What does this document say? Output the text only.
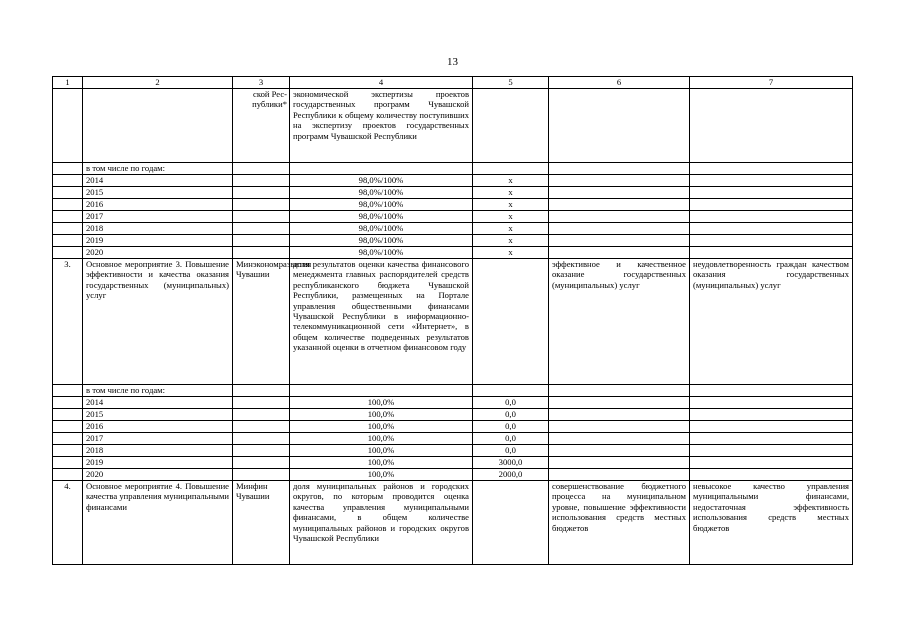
13
1	2	3	4	5	6	7
		ской Рес-публики*	экономической экспертизы проектов государственных программ Чувашской Республики к общему количеству поступивших на экспертизу проектов государственных программ Чувашской Республики			
	в том числе по годам:					
	2014		98,0%/100%	х		
	2015		98,0%/100%	х		
	2016		98,0%/100%	х		
	2017		98,0%/100%	х		
	2018		98,0%/100%	х		
	2019		98,0%/100%	х		
	2020		98,0%/100%	х		
3.	Основное мероприятие 3. Повышение эффективности и качества оказания государственных (муниципальных) услуг	Минэкономразвития Чувашии	доля результатов оценки качества финансового менеджмента главных распорядителей средств республиканского бюджета Чувашской Республики, размещенных на Портале управления общественными финансами Чувашской Республики в информационно-телекоммуникационной сети «Интернет», в общем количестве подведенных результатов указанной оценки в отчетном финансовом году		эффективное и качественное оказание государственных (муниципальных) услуг	неудовлетворенность граждан качеством оказания государственных (муниципальных) услуг
	в том числе по годам:					
	2014		100,0%	0,0		
	2015		100,0%	0,0		
	2016		100,0%	0,0		
	2017		100,0%	0,0		
	2018		100,0%	0,0		
	2019		100,0%	3000,0		
	2020		100,0%	2000,0		
4.	Основное мероприятие 4. Повышение качества управления муниципальными финансами	Минфин Чувашии	доля муниципальных районов и городских округов, по которым проводится оценка качества управления муниципальными финансами, в общем количестве муниципальных районов и городских округов Чувашской Республики		совершенствование бюджетного процесса на муниципальном уровне, повышение эффективности использования средств местных бюджетов	невысокое качество управления муниципальными финансами, недостаточная эффективность использования средств местных бюджетов
